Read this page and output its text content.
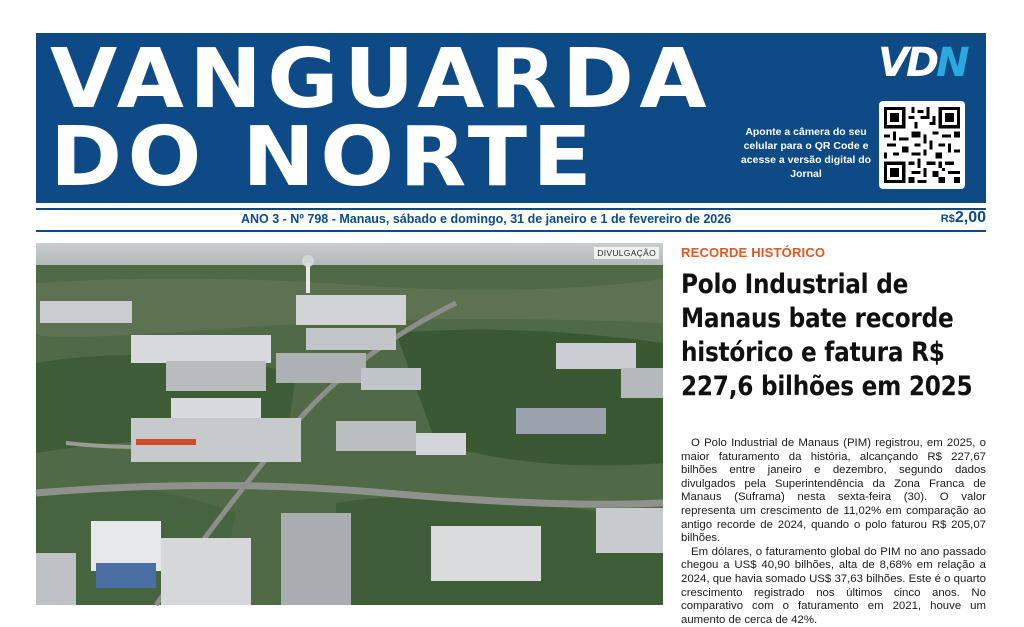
VANGUARDA
DO NORTE
VDN
Aponte a câmera do seu celular para o QR Code e acesse a versão digital do Jornal
ANO 3 - Nº 798 - Manaus, sábado e domingo, 31 de janeiro e 1 de fevereiro de 2026	R$2,00
DIVULGAÇÃO RECORDE HISTÓRICO
Polo Industrial de Manaus bate recorde histórico e fatura R$ 227,6 bilhões em 2025

O Polo Industrial de Manaus (PIM) registrou, em 2025, o maior faturamento da história, alcançando R$ 227,67 bilhões entre janeiro e dezembro, segundo dados divulgados pela Superintendência da Zona Franca de Manaus (Suframa) nesta sexta-feira (30). O valor representa um crescimento de 11,02% em comparação ao antigo recorde de 2024, quando o polo faturou R$ 205,07 bilhões.

Em dólares, o faturamento global do PIM no ano passado chegou a US$ 40,90 bilhões, alta de 8,68% em relação a 2024, que havia somado US$ 37,63 bilhões. Este é o quarto crescimento registrado nos últimos cinco anos. No comparativo com o faturamento em 2021, houve um aumento de cerca de 42%.
